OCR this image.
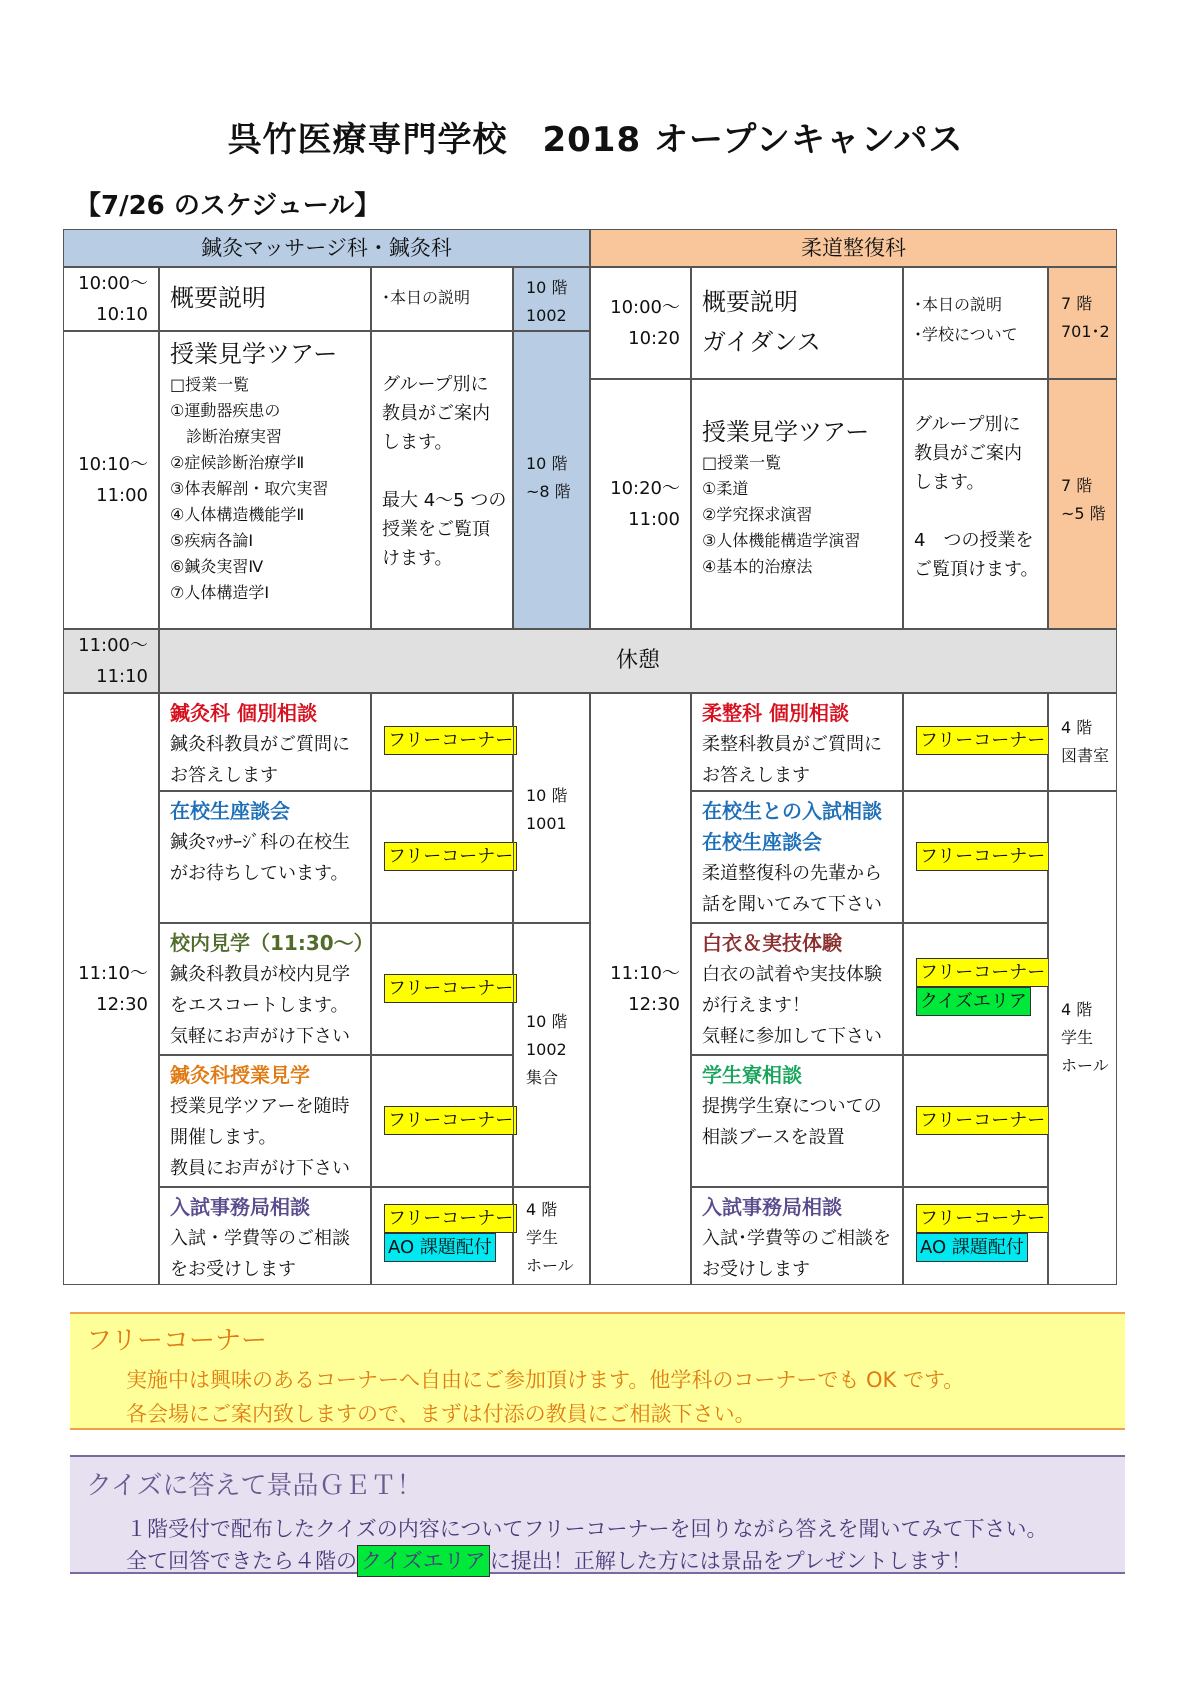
呉竹医療専門学校　2018 オープンキャンパス
【7/26 のスケジュール】
鍼灸マッサージ科・鍼灸科	柔道整復科
10:00～
10:10
概要説明	･本日の説明
10 階
1002
10:10～
11:00
授業見学ツアー
□授業一覧
①運動器疾患の
　診断治療実習
②症候診断治療学Ⅱ
③体表解剖・取穴実習
④人体構造機能学Ⅱ
⑤疾病各論Ⅰ
⑥鍼灸実習Ⅳ
⑦人体構造学Ⅰ
グループ別に
教員がご案内
します。
最大 4～5 つの
授業をご覧頂
けます。
10 階
~8 階
10:00～
10:20
概要説明
ガイダンス
･本日の説明
･学校について
7 階
701･2
10:20～
11:00
授業見学ツアー
□授業一覧
①柔道
②学究探求演習
③人体機能構造学演習
④基本的治療法
グループ別に
教員がご案内
します。
4　つの授業を
ご覧頂けます。
7 階
~5 階
11:00～
11:10
休憩
11:10～
12:30
鍼灸科 個別相談
鍼灸科教員がご質問に
お答えします
フリーコーナー
在校生座談会
鍼灸ﾏｯｻｰｼﾞ科の在校生
がお待ちしています。
フリーコーナー
10 階
1001
校内見学（11:30～）
鍼灸科教員が校内見学
をエスコートします。
気軽にお声がけ下さい
フリーコーナー
鍼灸科授業見学
授業見学ツアーを随時
開催します。
教員にお声がけ下さい
フリーコーナー
10 階
1002
集合
入試事務局相談
入試・学費等のご相談
をお受けします
フリーコーナー
AO 課題配付
4 階
学生
ホール
11:10～
12:30
柔整科 個別相談
柔整科教員がご質問に
お答えします
フリーコーナー
4 階
図書室
在校生との入試相談
在校生座談会
柔道整復科の先輩から
話を聞いてみて下さい
フリーコーナー
白衣＆実技体験
白衣の試着や実技体験
が行えます！
気軽に参加して下さい
フリーコーナー
クイズエリア
学生寮相談
提携学生寮についての
相談ブースを設置
フリーコーナー
入試事務局相談
入試･学費等のご相談を
お受けします
フリーコーナー
AO 課題配付
4 階
学生
ホール
フリーコーナー
実施中は興味のあるコーナーへ自由にご参加頂けます。他学科のコーナーでも OK です。
各会場にご案内致しますので、まずは付添の教員にご相談下さい。
クイズに答えて景品ＧＥＴ！
１階受付で配布したクイズの内容についてフリーコーナーを回りながら答えを聞いてみて下さい。
全て回答できたら４階の クイズエリア に提出！正解した方には景品をプレゼントします！
